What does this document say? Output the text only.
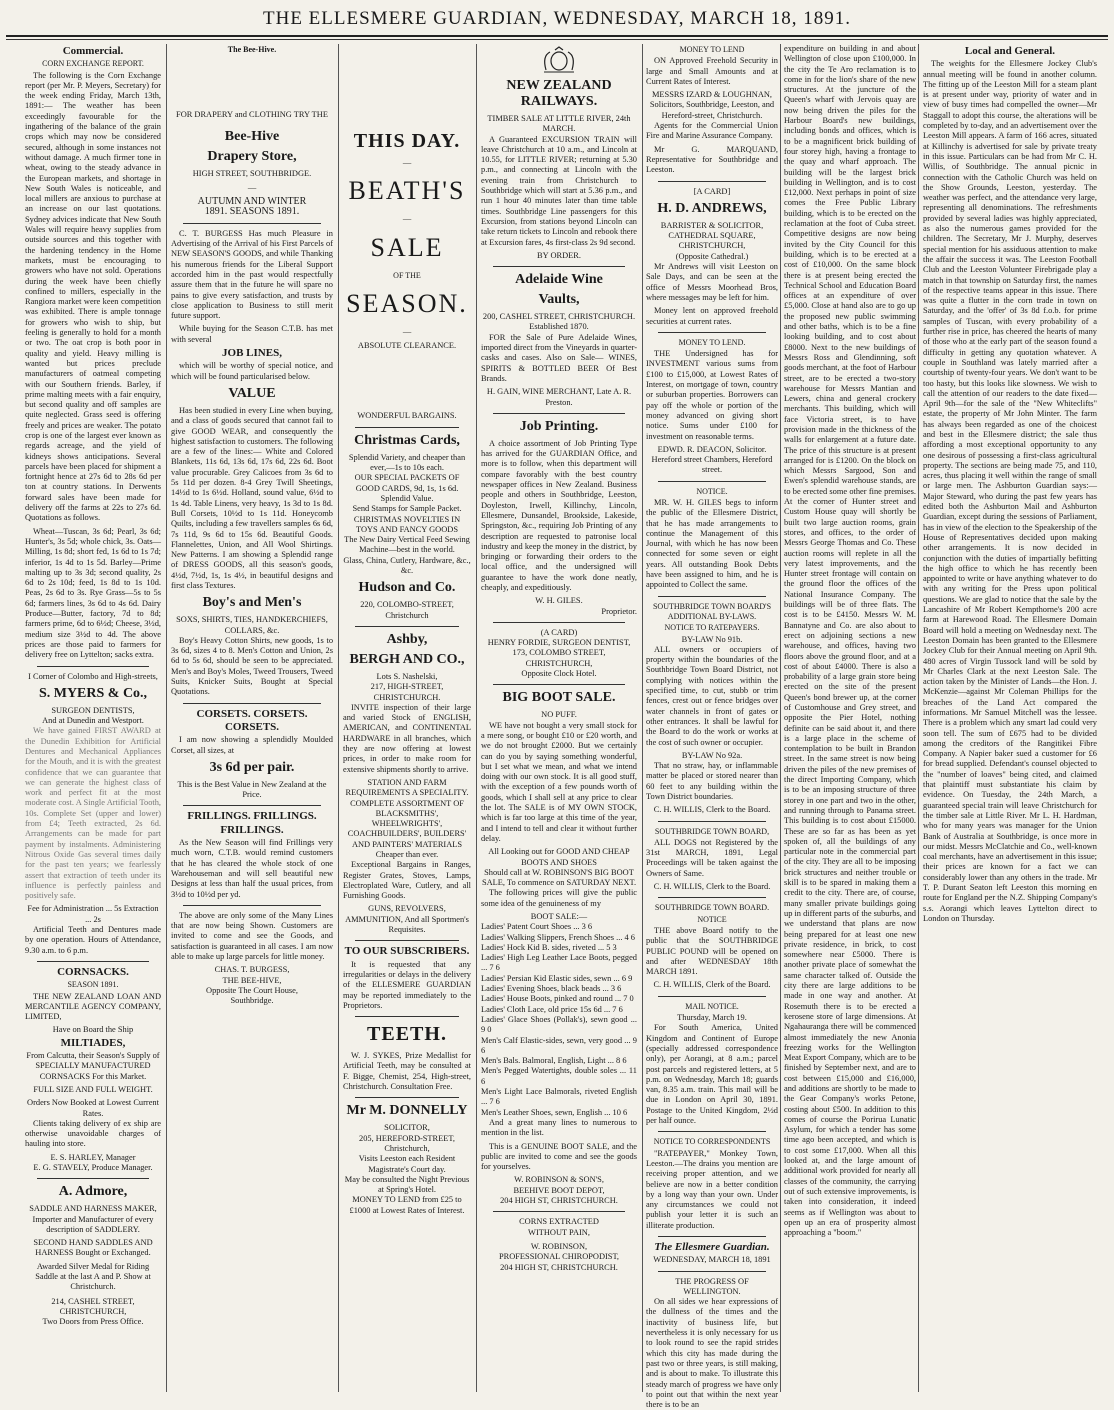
THE ELLESMERE GUARDIAN, WEDNESDAY, MARCH 18, 1891.
Commercial.
CORN EXCHANGE REPORT.

The following is the Corn Exchange report (per Mr. P. Meyers, Secretary) for the week ending Friday, March 13th, 1891:— The weather has been exceedingly favourable for the ingathering of the balance of the grain crops which may now be considered secured, although in some instances not without damage. A much firmer tone in wheat, owing to the steady advance in the European markets, and shortage in New South Wales is noticeable, and local millers are anxious to purchase at an increase on our last quotations. Sydney advices indicate that New South Wales will require heavy supplies from outside sources and this together with the hardening tendency in the Home markets, must be encouraging to growers who have not sold. Operations during the week have been chiefly confined to millers, especially in the Rangiora market were keen competition was exhibited. There is ample tonnage for growers who wish to ship, but feeling is generally to hold for a month or two. The oat crop is both poor in quality and yield. Heavy milling is wanted but prices preclude manufacturers of oatmeal competing with our Southern friends. Barley, if prime malting meets with a fair enquiry, but second quality and off samples are quite neglected. Grass seed is offering freely and prices are weaker. The potato crop is one of the largest ever known as regards acreage, and the yield of kidneys shows anticipations. Several parcels have been placed for shipment a fortnight hence at 27s 6d to 28s 6d per ton at country stations. In Derwents forward sales have been made for delivery off the farms at 22s to 27s 6d. Quotations as follows.

Wheat—Tuscan, 3s 6d; Pearl, 3s 6d; Hunter's, 3s 5d; whole chick, 3s. Oats—Milling, 1s 8d; short fed, 1s 6d to 1s 7d; inferior, 1s 4d to 1s 5d. Barley—Prime malting up to 3s 3d; second quality, 2s 6d to 2s 10d; feed, 1s 8d to 1s 10d. Peas, 2s 6d to 3s. Rye Grass—5s to 5s 6d; farmers lines, 3s 6d to 4s 6d. Dairy Produce—Butter, factory, 7d to 8d; farmers prime, 6d to 6½d; Cheese, 3½d, medium size 3½d to 4d. The above prices are those paid to farmers for delivery free on Lyttelton; sacks extra.

I Corner of Colombo and High-streets,
S. MYERS & Co.,
SURGEON DENTISTS,
And at Dunedin and Westport.

We have gained FIRST AWARD at the Dunedin Exhibition for Artificial Dentures and Mechanical Appliances for the Mouth, and it is with the greatest confidence that we can guarantee that we can generate the highest class of work and perfect fit at the most moderate cost. A Single Artificial Tooth, 10s. Complete Set (upper and lower) from £4; Teeth extracted, 2s 6d. Arrangements can be made for part payment by instalments. Administering Nitrous Oxide Gas several times daily for the past ten years; we fearlessly assert that extraction of teeth under its influence is perfectly painless and positively safe.

Fee for Administration ... 5s Extraction ... 2s

Artificial Teeth and Dentures made by one operation. Hours of Attendance, 9.30 a.m. to 6 p.m.

CORNSACKS.
SEASON 1891.

THE NEW ZEALAND LOAN AND MERCANTILE AGENCY COMPANY, LIMITED,

Have on Board the Ship
MILTIADES,
From Calcutta, their Season's Supply of SPECIALLY MANUFACTURED CORNSACKS For this Market.
FULL SIZE AND FULL WEIGHT.
Orders Now Booked at Lowest Current Rates.

Clients taking delivery of ex ship are otherwise unavoidable charges of hauling into store.

E. S. HARLEY, Manager
E. G. STAVELY, Produce Manager.
A. Admore,
SADDLE AND HARNESS MAKER, Importer and Manufacturer of every description of SADDLERY.
SECOND HAND SADDLES AND HARNESS Bought or Exchanged.
Awarded Silver Medal for Riding Saddle at the last A and P. Show at Christchurch.
214, CASHEL STREET, CHRISTCHURCH,
Two Doors from Press Office.
The Bee-Hive.
FOR DRAPERY and CLOTHING TRY THE
Bee-Hive
Drapery Store,
HIGH STREET, SOUTHBRIDGE.
—
AUTUMN AND WINTER
1891. SEASONS 1891.

C. T. BURGESS Has much Pleasure in Advertising of the Arrival of his First Parcels of NEW SEASON'S GOODS, and while Thanking his numerous friends for the Liberal Support accorded him in the past would respectfully assure them that in the future he will spare no pains to give every satisfaction, and trusts by close application to Business to still merit future support.

While buying for the Season C.T.B. has met with several

JOB LINES,

which will be worthy of special notice, and which will be found particularised below.

VALUE

Has been studied in every Line when buying, and a class of goods secured that cannot fail to give GOOD WEAR, and consequently the highest satisfaction to customers. The following are a few of the lines:— White and Colored Blankets, 11s 6d, 13s 6d, 17s 6d, 22s 6d. Boot value procurable. Grey Calicoes from 3s 6d to 5s 11d per dozen. 8-4 Grey Twill Sheetings, 14½d to 1s 6½d. Holland, sound value, 6½d to 1s 4d. Table Linens, very heavy, 1s 3d to 1s 8d. Bull Corsets, 10½d to 1s 11d. Honeycomb Quilts, including a few travellers samples 6s 6d, 7s 11d, 9s 6d to 15s 6d. Beautiful Goods. Flannelettes, Union, and All Wool Shirtings. New Patterns. I am showing a Splendid range of DRESS GOODS, all this season's goods, 4½d, 7½d, 1s, 1s 4½, in beautiful designs and first class Textures.

Boy's and Men's
SOXS, SHIRTS, TIES, HANDKERCHIEFS, COLLARS, &c.

Boy's Heavy Cotton Shirts, new goods, 1s to 3s 6d, sizes 4 to 8. Men's Cotton and Union, 2s 6d to 5s 6d, should be seen to be appreciated. Men's and Boy's Moles, Tweed Trousers, Tweed Suits, Knicker Suits, Bought at Special Quotations.

CORSETS. CORSETS.
CORSETS.

I am now showing a splendidly Moulded Corset, all sizes, at

3s 6d per pair.
This is the Best Value in New Zealand at the Price.
FRILLINGS. FRILLINGS.
FRILLINGS.

As the New Season will find Frillings very much worn, C.T.B. would remind customers that he has cleared the whole stock of one Warehouseman and will sell beautiful new Designs at less than half the usual prices, from 3½d to 10½d per yd.

The above are only some of the Many Lines that are now being Shown. Customers are invited to come and see the Goods, and satisfaction is guaranteed in all cases. I am now able to make up large parcels for little money.

CHAS. T. BURGESS,
THE BEE-HIVE,
Opposite The Court House,
Southbridge.
THIS DAY.
—
BEATH'S
—
SALE
OF THE
SEASON.
—
ABSOLUTE CLEARANCE.
WONDERFUL BARGAINS.
Christmas Cards,
Splendid Variety, and cheaper than ever,—1s to 10s each.
OUR SPECIAL PACKETS OF GOOD CARDS, 9d, 1s, 1s 6d. Splendid Value.
Send Stamps for Sample Packet.
CHRISTMAS NOVELTIES IN TOYS AND FANCY GOODS
The New Dairy Vertical Feed Sewing Machine—best in the world.
Glass, China, Cutlery, Hardware, &c., &c.
Hudson and Co.
220, COLOMBO-STREET, Christchurch
Ashby,
BERGH AND CO.,
Lots S. Nashelski,
217, HIGH-STREET, CHRISTCHURCH.

INVITE inspection of their large and varied Stock of ENGLISH, AMERICAN, and CONTINENTAL HARDWARE in all branches, which they are now offering at lowest prices, in order to make room for extensive shipments shortly to arrive.

STATION AND FARM REQUIREMENTS A SPECIALITY.
COMPLETE ASSORTMENT OF BLACKSMITHS', WHEELWRIGHTS', COACHBUILDERS', BUILDERS' AND PAINTERS' MATERIALS Cheaper than ever.

Exceptional Bargains in Ranges, Register Grates, Stoves, Lamps, Electroplated Ware, Cutlery, and all Furnishing Goods.

GUNS, REVOLVERS, AMMUNITION, And all Sportmen's Requisites.
TO OUR SUBSCRIBERS.

It is requested that any irregularities or delays in the delivery of the ELLESMERE GUARDIAN may be reported immediately to the Proprietors.

TEETH.

W. J. SYKES, Prize Medallist for Artificial Teeth, may be consulted at F. Bigge, Chemist, 254, High-street, Christchurch. Consultation Free.

Mr M. DONNELLY
SOLICITOR,
205, HEREFORD-STREET, Christchurch,
Visits Leeston each Resident Magistrate's Court day.
May be consulted the Night Previous at Spring's Hotel.
MONEY TO LEND from £25 to £1000 at Lowest Rates of Interest.
NEW ZEALAND RAILWAYS.
TIMBER SALE AT LITTLE RIVER, 24th MARCH.

A Guaranteed EXCURSION TRAIN will leave Christchurch at 10 a.m., and Lincoln at 10.55, for LITTLE RIVER; returning at 5.30 p.m., and connecting at Lincoln with the evening train from Christchurch to Southbridge which will start at 5.36 p.m., and run 1 hour 40 minutes later than time table times. Southbridge Line passengers for this Excursion, from stations beyond Lincoln can take return tickets to Lincoln and rebook there at Excursion fares, 4s first-class 2s 9d second.

BY ORDER.
Adelaide Wine
Vaults,
200, CASHEL STREET, CHRISTCHURCH.
Established 1870.

FOR the Sale of Pure Adelaide Wines, imported direct from the Vineyards in quarter-casks and cases. Also on Sale— WINES, SPIRITS & BOTTLED BEER Of Best Brands.

H. GAIN, WINE MERCHANT, Late A. R. Preston.
Job Printing.

A choice assortment of Job Printing Type has arrived for the GUARDIAN Office, and more is to follow, when this department will compare favorably with the best country newspaper offices in New Zealand. Business people and others in Southbridge, Leeston, Doyleston, Irwell, Killinchy, Lincoln, Ellesmere, Dunsandel, Brookside, Lakeside, Springston, &c., requiring Job Printing of any description are requested to patronise local industry and keep the money in the district, by bringing or forwarding their orders to the local office, and the undersigned will guarantee to have the work done neatly, cheaply, and expeditiously.

W. H. GILES.
Proprietor.
(A CARD)
HENRY FORDIE, SURGEON DENTIST,
173, COLOMBO STREET, CHRISTCHURCH,
Opposite Clock Hotel.
BIG BOOT SALE.
NO PUFF.

WE have not bought a very small stock for a mere song, or bought £10 or £20 worth, and we do not brought £2000. But we certainly can do you by saying something wonderful, but I set what we mean, and what we intend doing with our own stock. It is all good stuff, with the exception of a few pounds worth of goods, which I shall sell at any price to clear the lot. The SALE is of MY OWN STOCK, which is far too large at this time of the year, and I intend to tell and clear it without further delay.

All Looking out for GOOD AND CHEAP BOOTS AND SHOES
Should call at W. ROBINSON'S BIG BOOT SALE, To commence on SATURDAY NEXT.

The following prices will give the public some idea of the genuineness of my

BOOT SALE:—
Ladies' Patent Court Shoes ... 3 6
Ladies' Walking Slippers, French Shoes ... 4 6
Ladies' Hock Kid B. sides, riveted ... 5 3
Ladies' High Leg Leather Lace Boots, pegged ... 7 6
Ladies' Persian Kid Elastic sides, sewn ... 6 9
Ladies' Evening Shoes, black beads ... 3 6
Ladies' House Boots, pinked and round ... 7 0
Ladies' Cloth Lace, old price 15s 6d ... 7 6
Ladies' Glace Shoes (Pollak's), sewn good ... 9 0
Men's Calf Elastic-sides, sewn, very good ... 9 6
Men's Bals. Balmoral, English, Light ... 8 6
Men's Pegged Watertights, double soles ... 11 6
Men's Light Lace Balmorals, riveted English ... 7 6
Men's Leather Shoes, sewn, English ... 10 6

And a great many lines to numerous to mention in the list.

This is a GENUINE BOOT SALE, and the public are invited to come and see the goods for yourselves.

W. ROBINSON & SON'S,
BEEHIVE BOOT DEPOT,
204 HIGH ST, CHRISTCHURCH.
CORNS EXTRACTED
WITHOUT PAIN,
W. ROBINSON,
PROFESSIONAL CHIROPODIST,
204 HIGH ST, CHRISTCHURCH.
MONEY TO LEND

ON Approved Freehold Security in large and Small Amounts and at Current Rates of Interest.

MESSRS IZARD & LOUGHNAN, Solicitors, Southbridge, Leeston, and Hereford-street, Christchurch.

Agents for the Commercial Union Fire and Marine Assurance Company.

Mr G. MARQUAND, Representative for Southbridge and Leeston.

[A CARD]
H. D. ANDREWS,
BARRISTER & SOLICITOR,
CATHEDRAL SQUARE, CHRISTCHURCH,
(Opposite Cathedral.)

Mr Andrews will visit Leeston on Sale Days, and can be seen at the office of Messrs Moorhead Bros, where messages may be left for him.

Money lent on approved freehold securities at current rates.

MONEY TO LEND.

THE Undersigned has for INVESTMENT various sums from £100 to £15,000, at Lowest Rates of Interest, on mortgage of town, country or suburban properties. Borrowers can pay off the whole or portion of the money advanced on giving short notice. Sums under £100 for investment on reasonable terms.

EDWD. R. DEACON, Solicitor.
Hereford street Chambers, Hereford street.
NOTICE.

MR. W. H. GILES begs to inform the public of the Ellesmere District, that he has made arrangements to continue the Management of this Journal, with which he has now been connected for some seven or eight years. All outstanding Book Debts have been assigned to him, and he is appointed to Collect the same.

SOUTHBRIDGE TOWN BOARD'S ADDITIONAL BY-LAWS.
NOTICE TO RATEPAYERS.
BY-LAW No 91b.

ALL owners or occupiers of property within the boundaries of the Southbridge Town Board District, not complying with notices within the specified time, to cut, stubb or trim fences, crest out or fence bridges over water channels in front of gates or other entrances. It shall be lawful for the Board to do the work or works at the cost of such owner or occupier.

BY-LAW No 92a.

That no straw, hay, or inflammable matter be placed or stored nearer than 60 feet to any building within the Town District boundaries.

C. H. WILLIS, Clerk to the Board.
SOUTHBRIDGE TOWN BOARD,

ALL DOGS not Registered by the 31st MARCH, 1891, Legal Proceedings will be taken against the Owners of Same.

C. H. WILLIS, Clerk to the Board.
SOUTHBRIDGE TOWN BOARD.
NOTICE

THE above Board notify to the public that the SOUTHBRIDGE PUBLIC POUND will be opened on and after WEDNESDAY 18th MARCH 1891.

C. H. WILLIS, Clerk of the Board.
MAIL NOTICE.
Thursday, March 19.

For South America, United Kingdom and Continent of Europe (specially addressed correspondence only), per Aorangi, at 8 a.m.; parcel post parcels and registered letters, at 5 p.m. on Wednesday, March 18; guards van, 8.35 a.m. train. This mail will be due in London on April 30, 1891. Postage to the United Kingdom, 2½d per half ounce.

NOTICE TO CORRESPONDENTS

"RATEPAYER," Monkey Town, Leeston.—The drains you mention are receiving proper attention, and we believe are now in a better condition by a long way than your own. Under any circumstances we could not publish your letter it is such an illiterate production.

The Ellesmere Guardian.
WEDNESDAY, MARCH 18, 1891
THE PROGRESS OF WELLINGTON.

On all sides we hear expressions of the dullness of the times and the inactivity of business life, but nevertheless it is only necessary for us to look round to see the rapid strides which this city has made during the past two or three years, is still making, and is about to make. To illustrate this steady march of progress we have only to point out that within the next year there is to be an

expenditure on building in and about Wellington of close upon £100,000. In the city the Te Aro reclamation is to come in for the lion's share of the new structures. At the juncture of the Queen's wharf with Jervois quay are now being driven the piles for the Harbour Board's new buildings, including bonds and offices, which is to be a magnificent brick building of four storey high, having a frontage to the quay and wharf approach. The building will be the largest brick building in Wellington, and is to cost £12,000. Next perhaps in point of size comes the Free Public Library building, which is to be erected on the reclamation at the foot of Cuba street. Competitive designs are now being invited by the City Council for this building, which is to be erected at a cost of £10,000. On the same block there is at present being erected the Technical School and Education Board offices at an expenditure of over £5,000. Close at hand also are to go up the proposed new public swimming and other baths, which is to be a fine looking building, and to cost about £8000. Next to the new buildings of Messrs Ross and Glendinning, soft goods merchant, at the foot of Harbour street, are to be erected a two-story warehouse for Messrs Mantian and Lewers, china and general crockery merchants. This building, which will face Victoria street, is to have provision made in the thickness of the walls for enlargement at a future date. The price of this structure is at present arranged for is £1200. On the block on which Messrs Sargood, Son and Ewen's splendid warehouse stands, are to be erected some other fine premises. At the corner of Hunter street and Custom House quay will shortly be built two large auction rooms, grain stores, and offices, to the order of Messrs George Thomas and Co. These auction rooms will replete in all the very latest improvements, and the Hunter street frontage will contain on the ground floor the offices of the National Insurance Company. The buildings will be of three flats. The cost is to be £4150. Messrs W. M. Bannatyne and Co. are also about to erect on adjoining sections a new warehouse, and offices, having two floors above the ground floor, and at a cost of about £4000. There is also a probability of a large grain store being erected on the site of the present Queen's bond brewer up, at the corner of Customhouse and Grey street, and opposite the Pier Hotel, nothing definite can be said about it, and there is a large place in the scheme of contemplation to be built in Brandon street. In the same street is now being driven the piles of the new premises of the direct Importing Company, which is to be an imposing structure of three storey in one part and two in the other, and running through to Panama street. This building is to cost about £15000. These are so far as has been as yet spoken of, all the buildings of any particular note in the commercial part of the city. They are all to be imposing brick structures and neither trouble or skill is to be spared in making them a credit to the city. There are, of course, many smaller private buildings going up in different parts of the suburbs, and we understand that plans are now being prepared for at least one new private residence, in brick, to cost somewhere near £5000. There is another private place of somewhat the same character talked of. Outside the city there are large additions to be made in one way and another. At Rosemuth there is to be erected a kerosene store of large dimensions. At Ngahauranga there will be commenced almost immediately the new Anonia freezing works for the Wellington Meat Export Company, which are to be finished by September next, and are to cost between £15,000 and £16,000, and additions are shortly to be made to the Gear Company's works Petone, costing about £500. In addition to this comes of course the Porirua Lunatic Asylum, for which a tender has some time ago been accepted, and which is to cost some £17,000. When all this looked at, and the large amount of additional work provided for nearly all classes of the community, the carrying out of such extensive improvements, is taken into consideration, it indeed seems as if Wellington was about to open up an era of prosperity almost approaching a "boom."

Local and General.

The weights for the Ellesmere Jockey Club's annual meeting will be found in another column. The fitting up of the Leeston Mill for a steam plant is at present under way, priority of water and in view of busy times had compelled the owner—Mr Staggall to adopt this course, the alterations will be completed by to-day, and an advertisement over the Leeston Mill appears. A farm of 166 acres, situated at Killinchy is advertised for sale by private treaty in this issue. Particulars can be had from Mr C. H. Willis, of Southbridge. The annual picnic in connection with the Catholic Church was held on the Show Grounds, Leeston, yesterday. The weather was perfect, and the attendance very large, representing all denominations. The refreshments provided by several ladies was highly appreciated, as also the numerous games provided for the children. The Secretary, Mr J. Murphy, deserves special mention for his assiduous attention to make the affair the success it was. The Leeston Football Club and the Leeston Volunteer Firebrigade play a match in that township on Saturday first, the names of the respective teams appear in this issue. There was quite a flutter in the corn trade in town on Saturday, and the 'offer' of 3s 8d f.o.b. for prime samples of Tuscan, with every probability of a further rise in price, has cheered the hearts of many of those who at the early part of the season found a difficulty in getting any quotation whatever. A couple in Southland was lately married after a courtship of twenty-four years. We don't want to be too hasty, but this looks like slowness. We wish to call the attention of our readers to the date fixed—April 9th—for the sale of the "New Whiteclifts" estate, the property of Mr John Minter. The farm has always been regarded as one of the choicest and best in the Ellesmere district; the sale thus affording a most exceptional opportunity to any one desirous of possessing a first-class agricultural property. The sections are being made 75, and 110, acres, thus placing it well within the range of small or large men. The Ashburton Guardian says:—Major Steward, who during the past few years has edited both the Ashburton Mail and Ashburton Guardian, except during the sessions of Parliament, has in view of the election to the Speakership of the House of Representatives decided upon making other arrangements. It is now decided in conjunction with the duties of impartially befitting the high office to which he has recently been appointed to write or have anything whatever to do with any writing for the Press upon political questions. We are glad to notice that the sale by the Lancashire of Mr Robert Kempthorne's 200 acre farm at Harewood Road. The Ellesmere Domain Board will hold a meeting on Wednesday next. The Leeston Domain has been granted to the Ellesmere Jockey Club for their Annual meeting on April 9th. 480 acres of Virgin Tussock land will be sold by Mr Charles Clark at the next Leeston Sale. The action taken by the Minister of Lands—the Hon. J. McKenzie—against Mr Coleman Phillips for the breaches of the Land Act compared the informations. Mr Samuel Mitchell was the lessee. There is a problem which any smart lad could very soon tell. The sum of £675 had to be divided among the creditors of the Rangitikei Fibre Company. A Napier baker sued a customer for £6 for bread supplied. Defendant's counsel objected to the "number of loaves" being cited, and claimed that plaintiff must substantiate his claim by evidence. On Tuesday, the 24th March, a guaranteed special train will leave Christchurch for the timber sale at Little River. Mr L. H. Hardman, who for many years was manager for the Union Bank of Australia at Southbridge, is once more in our midst. Messrs McClatchie and Co., well-known coal merchants, have an advertisement in this issue; their prices are known for a fact we can considerably lower than any others in the trade. Mr T. P. Durant Seaton left Leeston this morning en route for England per the N.Z. Shipping Company's s.s. Aorangi which leaves Lyttelton direct to London on Thursday.
